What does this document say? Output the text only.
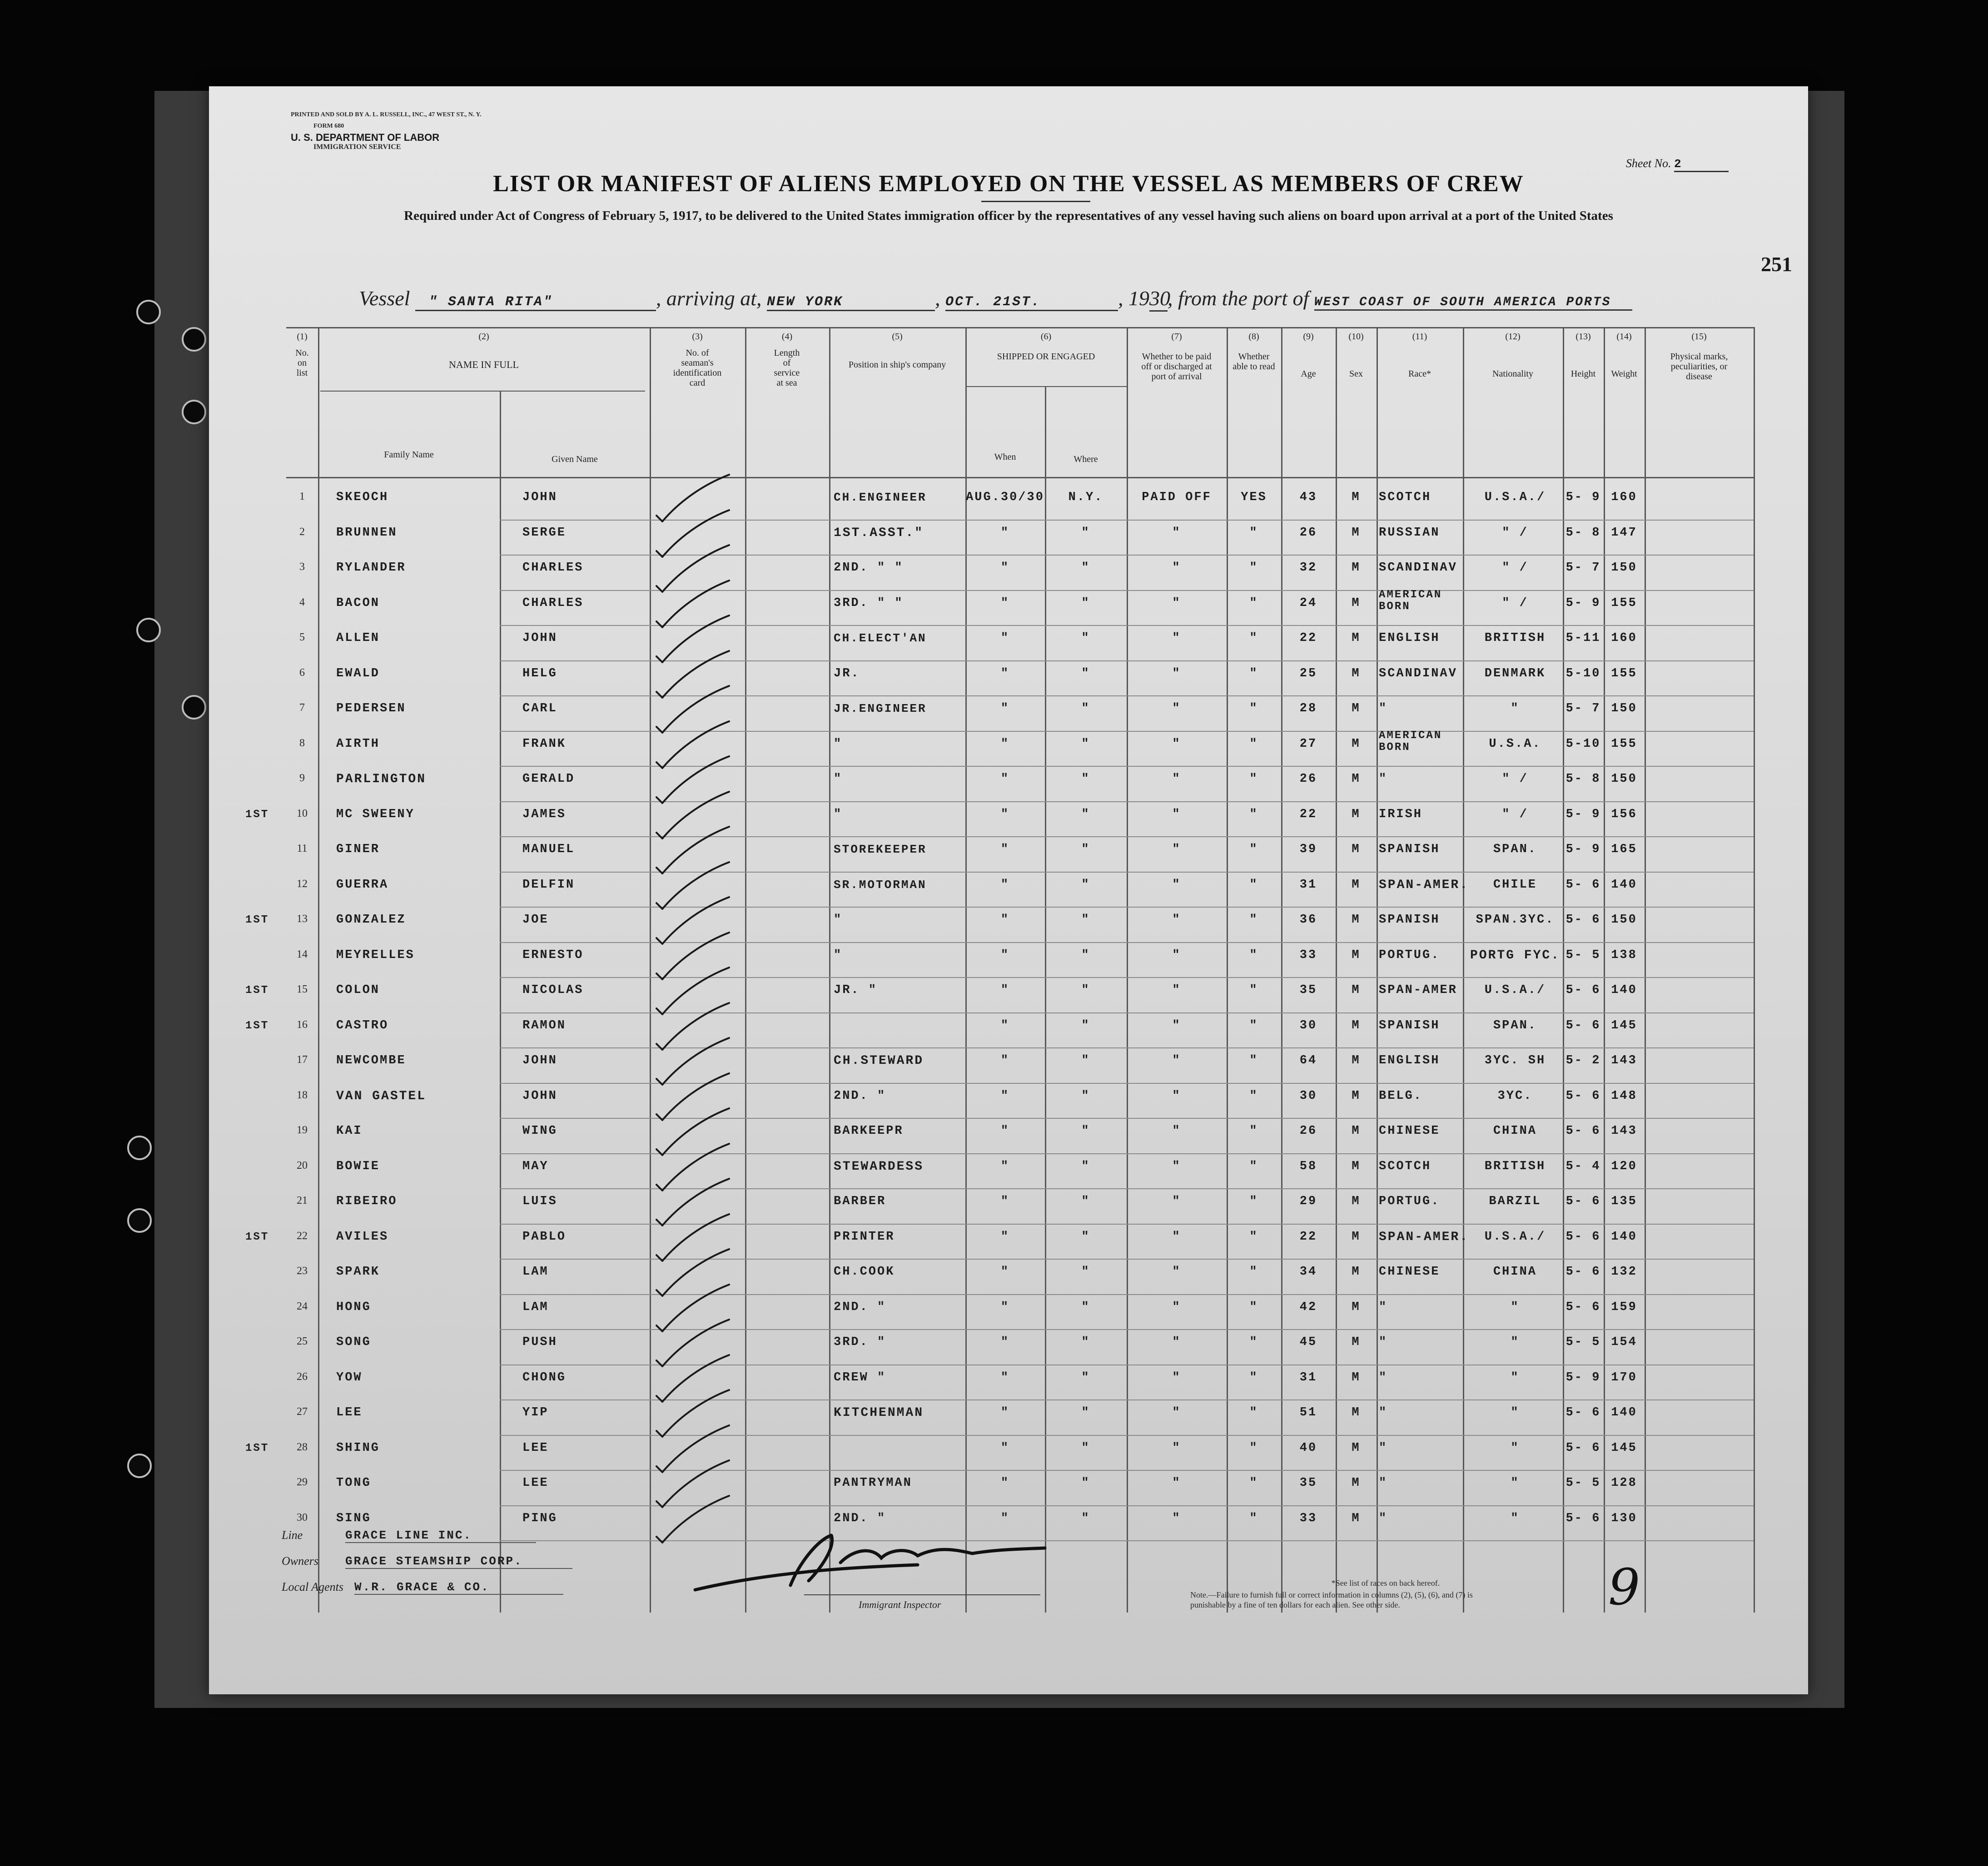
PRINTED AND SOLD BY A. L. RUSSELL, INC., 47 WEST ST., N. Y.
FORM 680
U. S. DEPARTMENT OF LABOR
IMMIGRATION SERVICE
Sheet No. 2
LIST OR MANIFEST OF ALIENS EMPLOYED ON THE VESSEL AS MEMBERS OF CREW
Required under Act of Congress of February 5, 1917, to be delivered to the United States immigration officer by the representatives of any vessel having such aliens on board upon arrival at a port of the United States
251
Vessel " SANTA RITA"	, arriving at, NEW YORK	, OCT. 21ST.	, 1930, from the port of WEST COAST OF SOUTH AMERICA PORTS
(1)
No. on list
(2)
NAME IN FULL
Family Name	Given Name
(3)
No. of seaman's identification card
(4)
Length of service at sea
(5)
Position in ship's company
(6)
SHIPPED OR ENGAGED
When	Where
(7)
Whether to be paid off or discharged at port of arrival
(8)
Whether able to read
(9)
Age
(10)
Sex
(11)
Race*
(12)
Nationality
(13)
Height
(14)
Weight
(15)
Physical marks, peculiarities, or disease
1	SKEOCH	JOHN	CH.ENGINEER	AUG.30/30	N.Y.	PAID OFF	YES	43	M	SCOTCH	U.S.A./	5- 9 160
2	BRUNNEN	SERGE	1ST.ASST."	"	"	"	"	26	M	RUSSIAN	" /	5- 8 147
3	RYLANDER	CHARLES	2ND. " "	"	"	"	"	32	M	SCANDINAV	" /	5- 7 150
4	BACON	CHARLES	3RD. " "	"	"	"	"	24	M
AMERICAN BORN	" /	5- 9 155
5	ALLEN	JOHN	CH.ELECT'AN	"	"	"	"	22	M	ENGLISH	BRITISH	5-11 160
6	EWALD	HELG	JR.	"	"	"	"	25	M	SCANDINAV	DENMARK	5-10 155
7	PEDERSEN	CARL	JR.ENGINEER	"	"	"	"	28	M	"	"	5- 7 150
8	AIRTH	FRANK	"	"	"	"	"	27	M
AMERICAN BORN	U.S.A.	5-10 155
9	PARLINGTON	GERALD	"	"	"	"	"	26	M	"	" /	5- 8 150
10	MC SWEENY	JAMES	"	"	"	"	"	22	M	IRISH	" /	5- 9 156
1ST
11	GINER	MANUEL	STOREKEEPER	"	"	"	"	39	M	SPANISH	SPAN.	5- 9 165
12	GUERRA	DELFIN	SR.MOTORMAN	"	"	"	"	31	M	SPAN-AMER.	CHILE	5- 6 140
13	GONZALEZ	JOE	"	"	"	"	"	36	M	SPANISH	SPAN.3YC. 5- 6 150
1ST
14	MEYRELLES	ERNESTO	"	"	"	"	"	33	M	PORTUG.	PORTG FYC. 5- 5 138
15	COLON	NICOLAS	JR. "	"	"	"	"	35	M	SPAN-AMER	U.S.A./	5- 6 140
1ST
16	CASTRO	RAMON	"	"	"	"	30	M	SPANISH	SPAN.	5- 6 145
1ST
17	NEWCOMBE	JOHN	CH.STEWARD	"	"	"	"	64	M	ENGLISH	3YC. SH	5- 2 143
18	VAN GASTEL	JOHN	2ND. "	"	"	"	"	30	M	BELG.	3YC.	5- 6 148
19	KAI	WING	BARKEEPR	"	"	"	"	26	M	CHINESE	CHINA	5- 6 143
20	BOWIE	MAY	STEWARDESS	"	"	"	"	58	M	SCOTCH	BRITISH	5- 4 120
21	RIBEIRO	LUIS	BARBER	"	"	"	"	29	M	PORTUG.	BARZIL	5- 6 135
22	AVILES	PABLO	PRINTER	"	"	"	"	22	M	SPAN-AMER.	U.S.A./	5- 6 140
1ST
23	SPARK	LAM	CH.COOK	"	"	"	"	34	M	CHINESE	CHINA	5- 6 132
24	HONG	LAM	2ND. "	"	"	"	"	42	M	"	"	5- 6 159
25	SONG	PUSH	3RD. "	"	"	"	"	45	M	"	"	5- 5 154
26	YOW	CHONG	CREW "	"	"	"	"	31	M	"	"	5- 9 170
27	LEE	YIP	KITCHENMAN	"	"	"	"	51	M	"	"	5- 6 140
28	SHING	LEE	"	"	"	"	40	M	"	"	5- 6 145
1ST
29	TONG	LEE	PANTRYMAN	"	"	"	"	35	M	"	"	5- 5 128
30	SING	PING	2ND. "	"	"	"	"	33	M	"	"	5- 6 130
Line	GRACE LINE INC.
Owners GRACE STEAMSHIP CORP.
Local Agents W.R. GRACE & CO.
Immigrant Inspector
*See list of races on back hereof.
Note.—Failure to furnish full or correct information in columns (2), (5), (6), and (7) is punishable by a fine of ten dollars for each alien. See other side.	9
